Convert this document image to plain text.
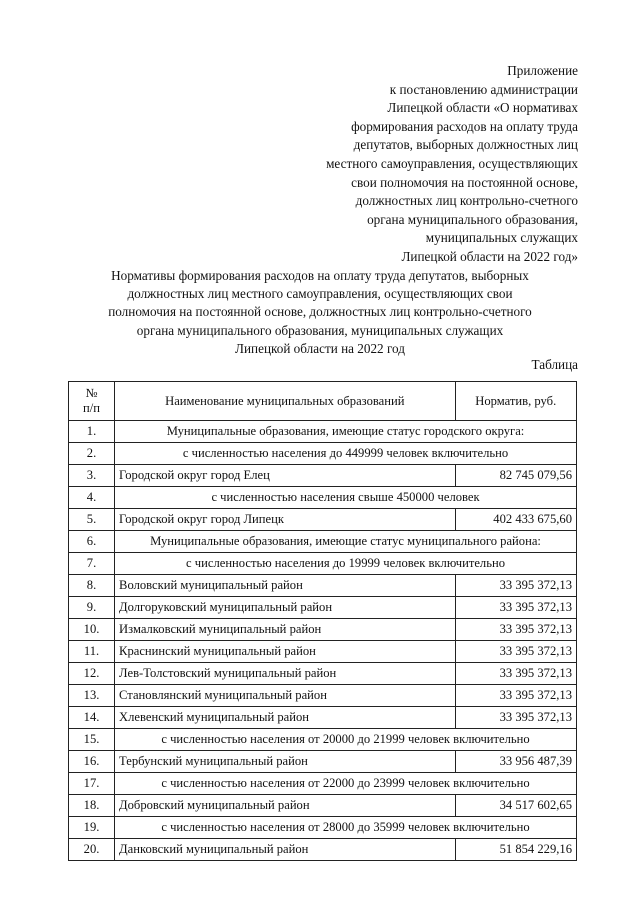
Приложение
к постановлению администрации
Липецкой области «О нормативах
формирования расходов на оплату труда
депутатов, выборных должностных лиц
местного самоуправления, осуществляющих
свои полномочия на постоянной основе,
должностных лиц контрольно-счетного
органа муниципального образования,
муниципальных служащих
Липецкой области на 2022 год»
Нормативы формирования расходов на оплату труда депутатов, выборных
должностных лиц местного самоуправления, осуществляющих свои
полномочия на постоянной основе, должностных лиц контрольно-счетного
органа муниципального образования, муниципальных служащих
Липецкой области на 2022 год
Таблица
№
п/п	Наименование муниципальных образований	Норматив, руб.
1.	Муниципальные образования, имеющие статус городского округа:	
2.	с численностью населения до 449999 человек включительно	
3.	Городской округ город Елец	82 745 079,56
4.	с численностью населения свыше 450000 человек	
5.	Городской округ город Липецк	402 433 675,60
6.	Муниципальные образования, имеющие статус муниципального района:	
7.	с численностью населения до 19999 человек включительно	
8.	Воловский муниципальный район	33 395 372,13
9.	Долгоруковский муниципальный район	33 395 372,13
10.	Измалковский муниципальный район	33 395 372,13
11.	Краснинский муниципальный район	33 395 372,13
12.	Лев-Толстовский муниципальный район	33 395 372,13
13.	Становлянский муниципальный район	33 395 372,13
14.	Хлевенский муниципальный район	33 395 372,13
15.	с численностью населения от 20000 до 21999 человек включительно	
16.	Тербунский муниципальный район	33 956 487,39
17.	с численностью населения от 22000 до 23999 человек включительно	
18.	Добровский муниципальный район	34 517 602,65
19.	с численностью населения от 28000 до 35999 человек включительно	
20.	Данковский муниципальный район	51 854 229,16
